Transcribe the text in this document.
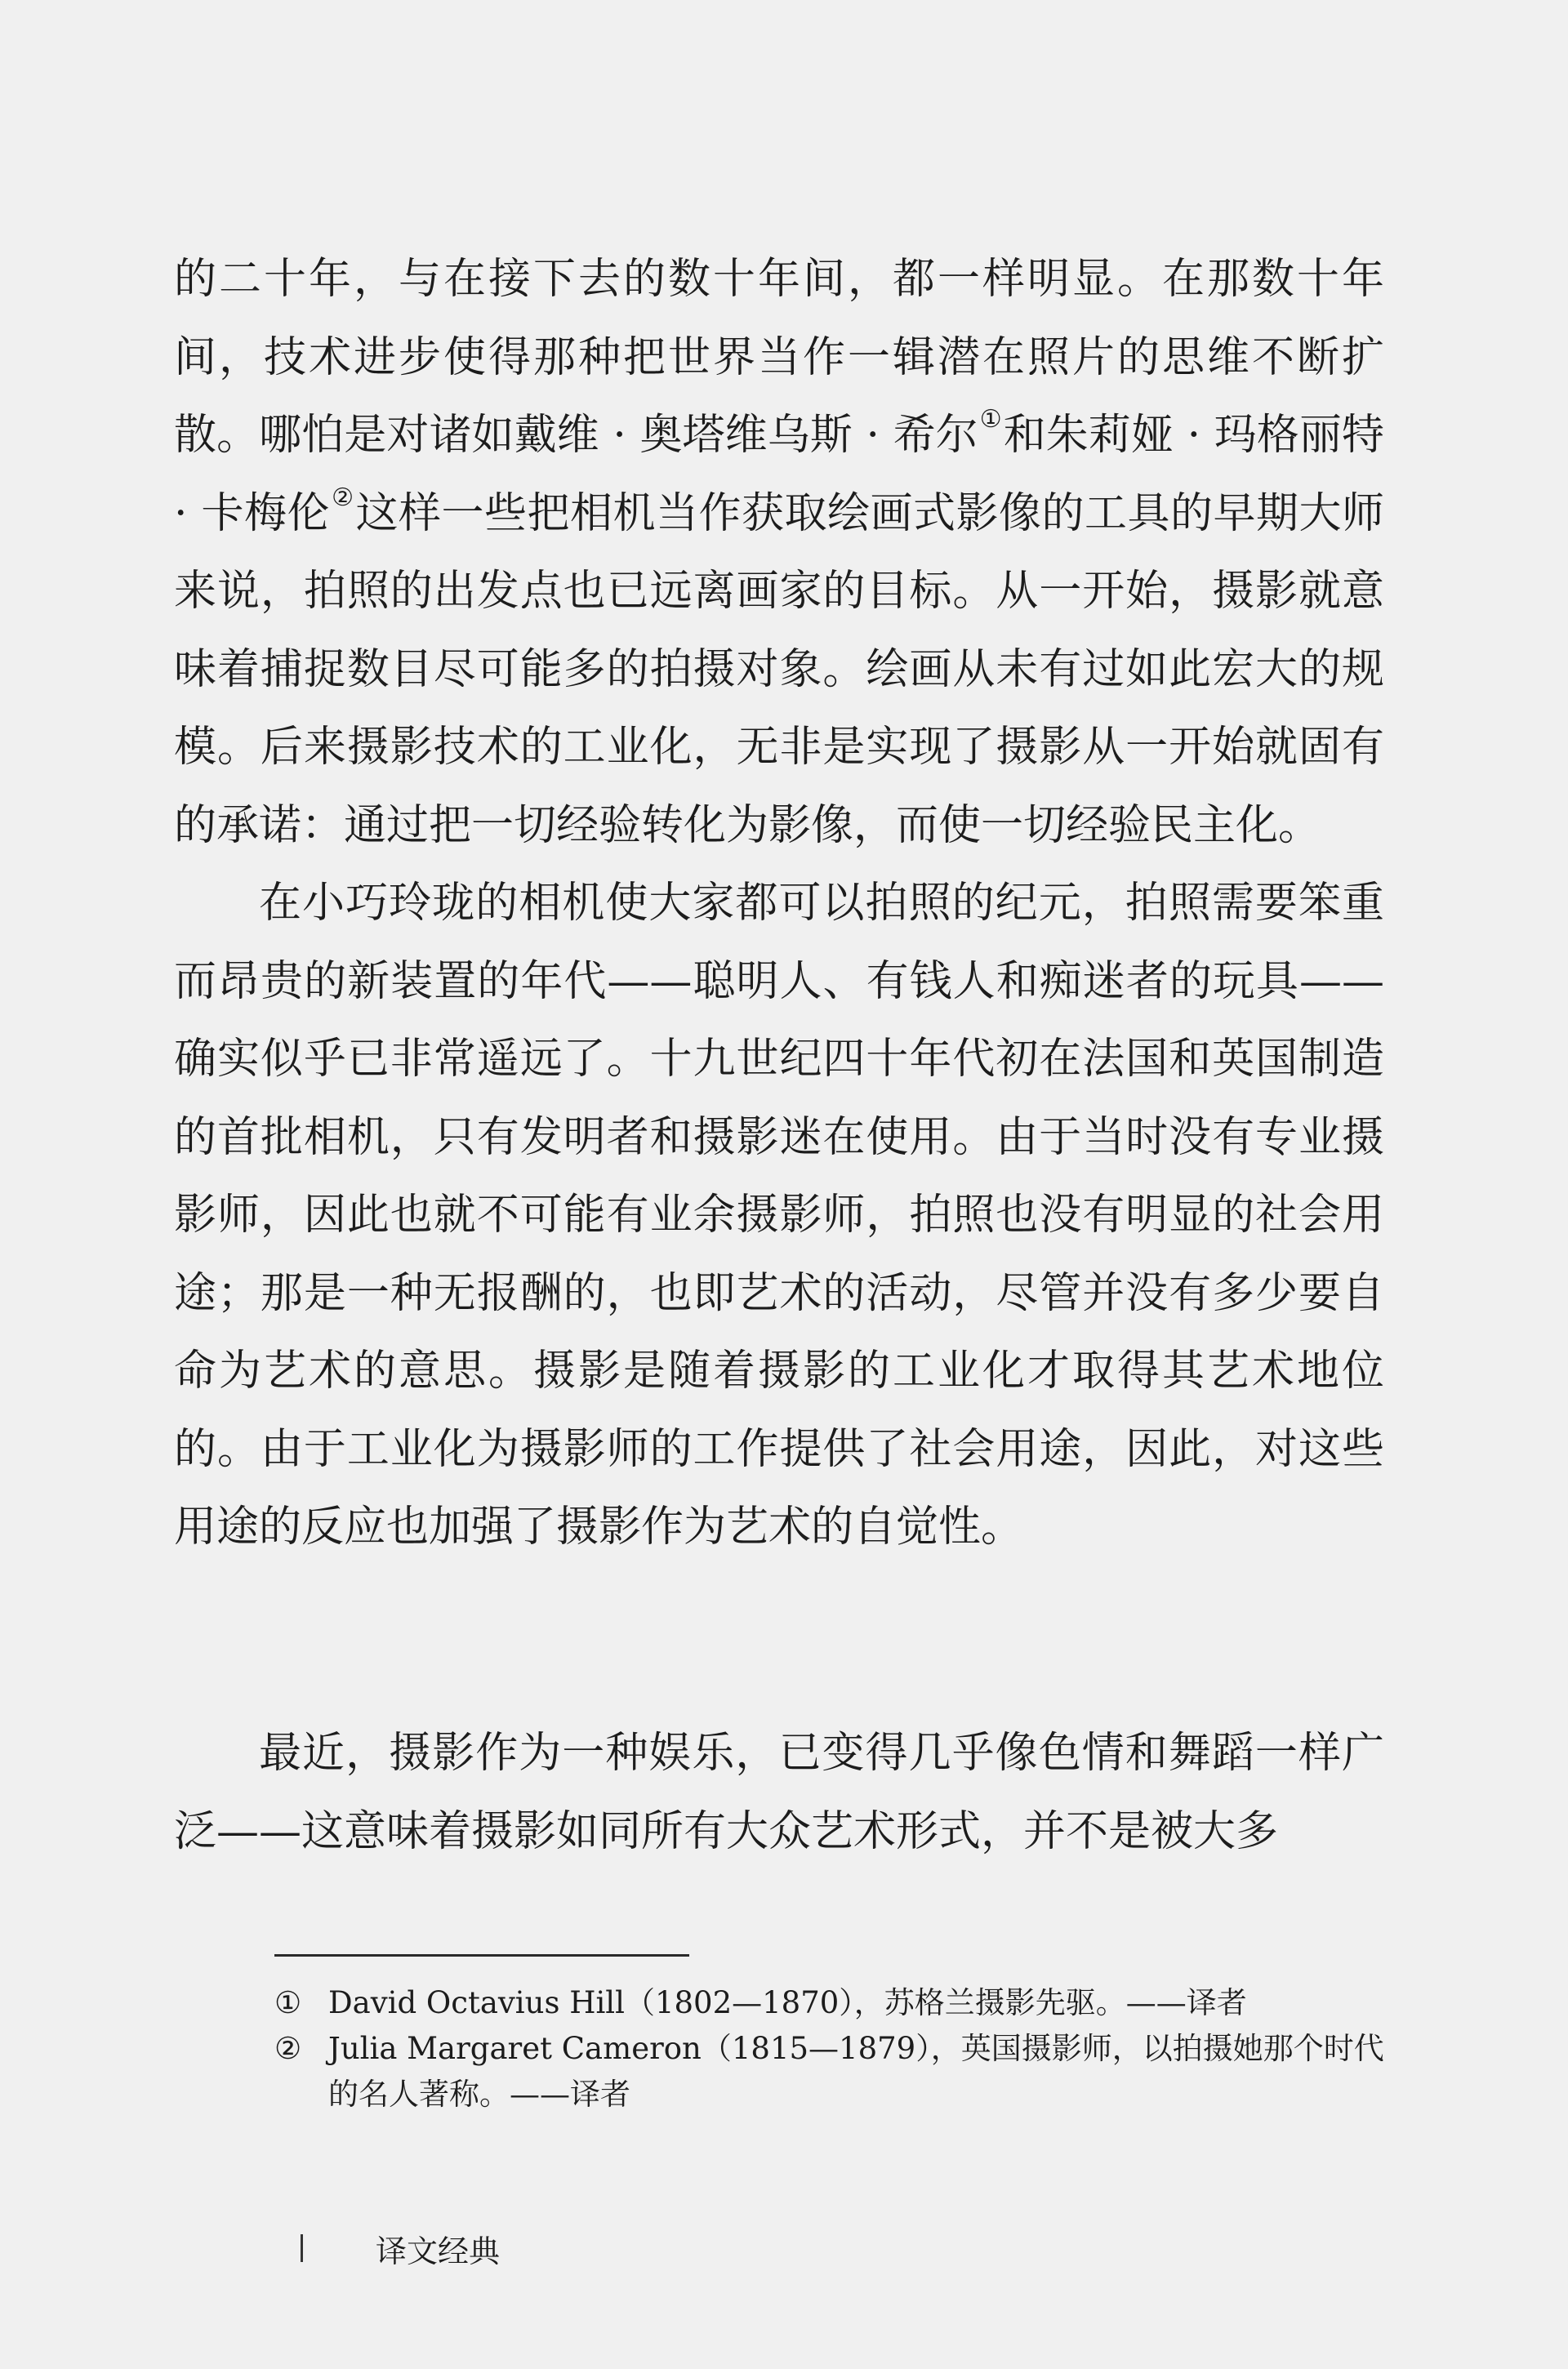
的二十年，与在接下去的数十年间，都一样明显。在那数十年间，技术进步使得那种把世界当作一辑潜在照片的思维不断扩散。哪怕是对诸如戴维 · 奥塔维乌斯 · 希尔①和朱莉娅 · 玛格丽特 · 卡梅伦②这样一些把相机当作获取绘画式影像的工具的早期大师来说，拍照的出发点也已远离画家的目标。从一开始，摄影就意味着捕捉数目尽可能多的拍摄对象。绘画从未有过如此宏大的规模。后来摄影技术的工业化，无非是实现了摄影从一开始就固有的承诺：通过把一切经验转化为影像，而使一切经验民主化。

在小巧玲珑的相机使大家都可以拍照的纪元，拍照需要笨重而昂贵的新装置的年代——聪明人、有钱人和痴迷者的玩具——确实似乎已非常遥远了。十九世纪四十年代初在法国和英国制造的首批相机，只有发明者和摄影迷在使用。由于当时没有专业摄影师，因此也就不可能有业余摄影师，拍照也没有明显的社会用途；那是一种无报酬的，也即艺术的活动，尽管并没有多少要自命为艺术的意思。摄影是随着摄影的工业化才取得其艺术地位的。由于工业化为摄影师的工作提供了社会用途，因此，对这些用途的反应也加强了摄影作为艺术的自觉性。

最近，摄影作为一种娱乐，已变得几乎像色情和舞蹈一样广泛——这意味着摄影如同所有大众艺术形式，并不是被大多

① David Octavius Hill（1802—1870），苏格兰摄影先驱。——译者
② Julia Margaret Cameron（1815—1879），英国摄影师，以拍摄她那个时代的名人著称。——译者
译文经典
